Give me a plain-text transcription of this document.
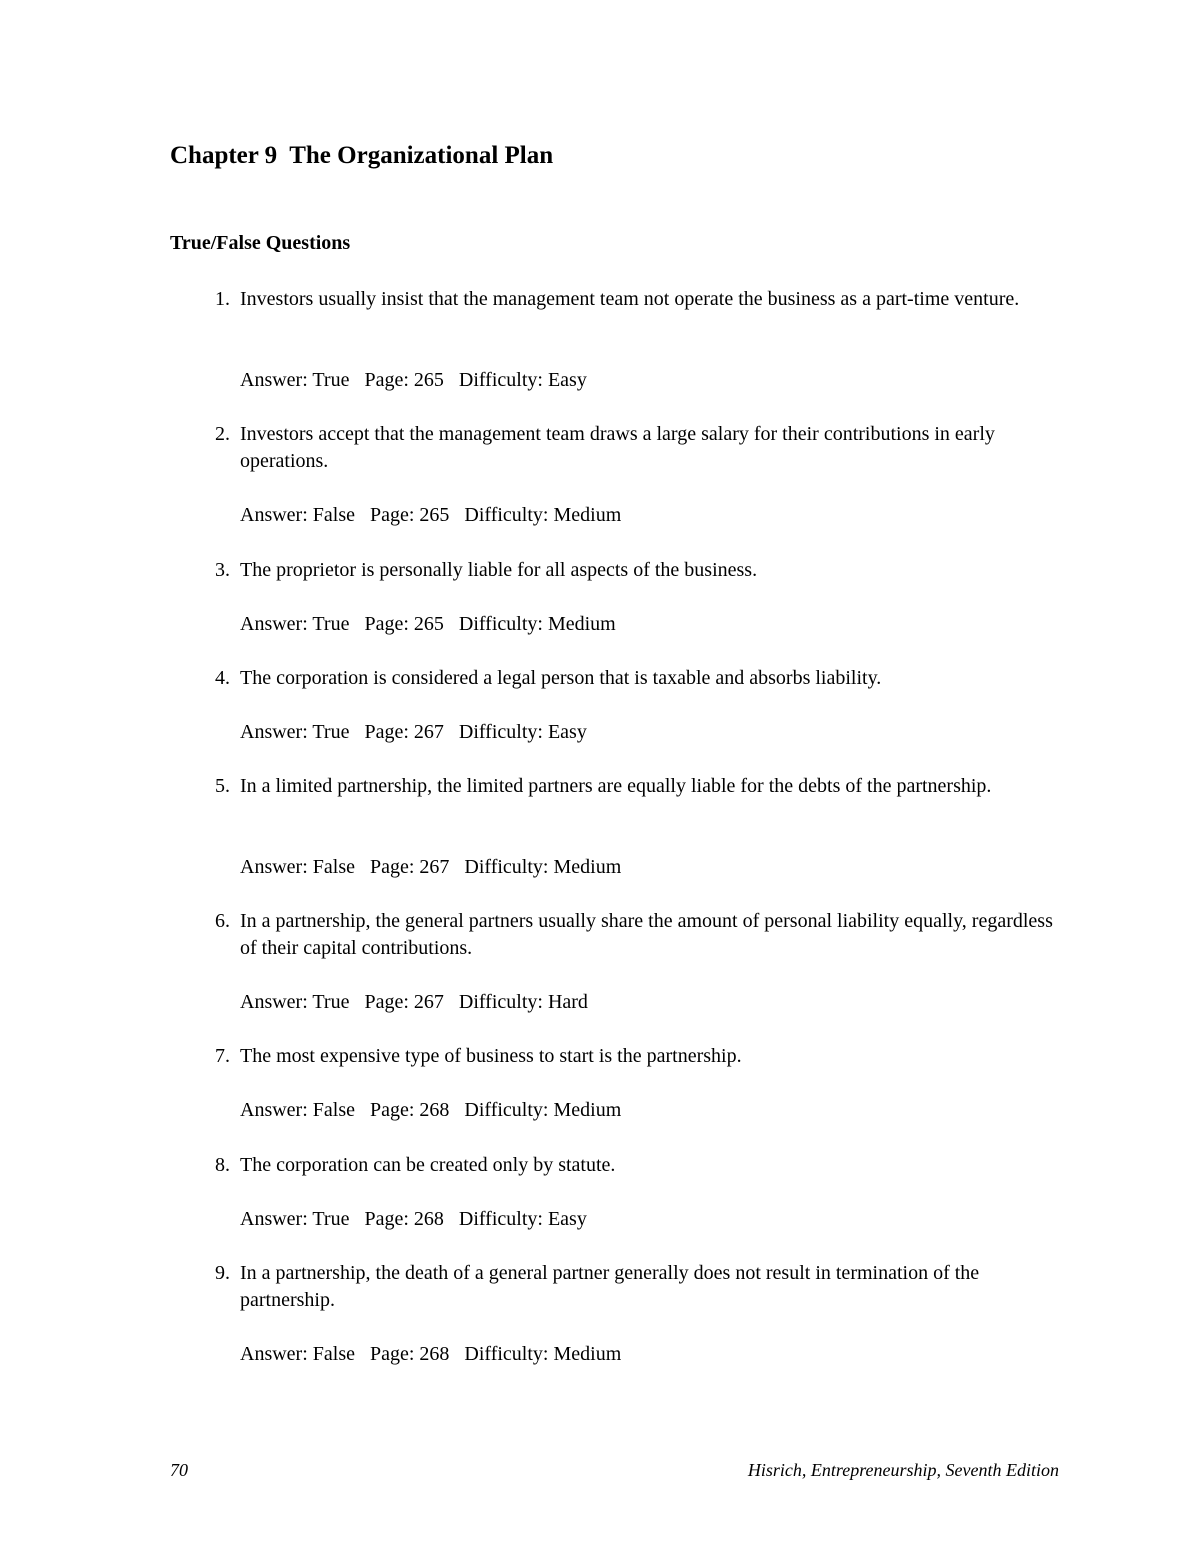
Chapter 9  The Organizational Plan
True/False Questions
1. Investors usually insist that the management team not operate the business as a part-time venture.

Answer: True   Page: 265   Difficulty: Easy

2. Investors accept that the management team draws a large salary for their contributions in early operations.

Answer: False   Page: 265   Difficulty: Medium

3. The proprietor is personally liable for all aspects of the business.

Answer: True   Page: 265   Difficulty: Medium

4. The corporation is considered a legal person that is taxable and absorbs liability.

Answer: True   Page: 267   Difficulty: Easy

5. In a limited partnership, the limited partners are equally liable for the debts of the partnership.

Answer: False   Page: 267   Difficulty: Medium

6. In a partnership, the general partners usually share the amount of personal liability equally, regardless of their capital contributions.

Answer: True   Page: 267   Difficulty: Hard

7. The most expensive type of business to start is the partnership.

Answer: False   Page: 268   Difficulty: Medium

8. The corporation can be created only by statute.

Answer: True   Page: 268   Difficulty: Easy

9. In a partnership, the death of a general partner generally does not result in termination of the partnership.

Answer: False   Page: 268   Difficulty: Medium

70	Hisrich, Entrepreneurship, Seventh Edition
